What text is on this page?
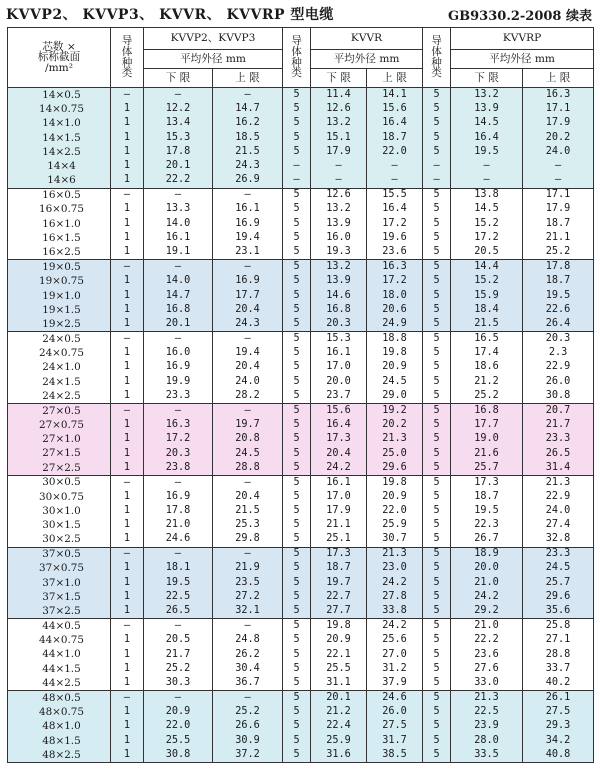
KVVP2、 KVVP3、 KVVR、 KVVRP 型电缆	GB9330.2-2008 续表
芯数 ×
标称截面
/mm²	导
体
种
类	KVVP2、KVVP3		导
体
种
类	KVVR		导
体
种
类	KVVRP	
		平均外径 mm			平均外径 mm			平均外径 mm	
		下 限	上 限		下 限	上 限		下 限	上 限
14×0.5	—	—	—	5	11.4	14.1	5	13.2	16.3
14×0.75	1	12.2	14.7	5	12.6	15.6	5	13.9	17.1
14×1.0	1	13.4	16.2	5	13.2	16.4	5	14.5	17.9
14×1.5	1	15.3	18.5	5	15.1	18.7	5	16.4	20.2
14×2.5	1	17.8	21.5	5	17.9	22.0	5	19.5	24.0
14×4	1	20.1	24.3	—	—	—	—	—	—
14×6	1	22.2	26.9	—	—	—	—	—	—
16×0.5	—	—	—	5	12.6	15.5	5	13.8	17.1
16×0.75	1	13.3	16.1	5	13.2	16.4	5	14.5	17.9
16×1.0	1	14.0	16.9	5	13.9	17.2	5	15.2	18.7
16×1.5	1	16.1	19.4	5	16.0	19.6	5	17.2	21.1
16×2.5	1	19.1	23.1	5	19.3	23.6	5	20.5	25.2
19×0.5	—	—	—	5	13.2	16.3	5	14.4	17.8
19×0.75	1	14.0	16.9	5	13.9	17.2	5	15.2	18.7
19×1.0	1	14.7	17.7	5	14.6	18.0	5	15.9	19.5
19×1.5	1	16.8	20.4	5	16.8	20.6	5	18.4	22.6
19×2.5	1	20.1	24.3	5	20.3	24.9	5	21.5	26.4
24×0.5	—	—	—	5	15.3	18.8	5	16.5	20.3
24×0.75	1	16.0	19.4	5	16.1	19.8	5	17.4	2.3
24×1.0	1	16.9	20.4	5	17.0	20.9	5	18.6	22.9
24×1.5	1	19.9	24.0	5	20.0	24.5	5	21.2	26.0
24×2.5	1	23.3	28.2	5	23.7	29.0	5	25.2	30.8
27×0.5	—	—	—	5	15.6	19.2	5	16.8	20.7
27×0.75	1	16.3	19.7	5	16.4	20.2	5	17.7	21.7
27×1.0	1	17.2	20.8	5	17.3	21.3	5	19.0	23.3
27×1.5	1	20.3	24.5	5	20.4	25.0	5	21.6	26.5
27×2.5	1	23.8	28.8	5	24.2	29.6	5	25.7	31.4
30×0.5	—	—	—	5	16.1	19.8	5	17.3	21.3
30×0.75	1	16.9	20.4	5	17.0	20.9	5	18.7	22.9
30×1.0	1	17.8	21.5	5	17.9	22.0	5	19.5	24.0
30×1.5	1	21.0	25.3	5	21.1	25.9	5	22.3	27.4
30×2.5	1	24.6	29.8	5	25.1	30.7	5	26.7	32.8
37×0.5	—	—	—	5	17.3	21.3	5	18.9	23.3
37×0.75	1	18.1	21.9	5	18.7	23.0	5	20.0	24.5
37×1.0	1	19.5	23.5	5	19.7	24.2	5	21.0	25.7
37×1.5	1	22.5	27.2	5	22.7	27.8	5	24.2	29.6
37×2.5	1	26.5	32.1	5	27.7	33.8	5	29.2	35.6
44×0.5	—	—	—	5	19.8	24.2	5	21.0	25.8
44×0.75	1	20.5	24.8	5	20.9	25.6	5	22.2	27.1
44×1.0	1	21.7	26.2	5	22.1	27.0	5	23.6	28.8
44×1.5	1	25.2	30.4	5	25.5	31.2	5	27.6	33.7
44×2.5	1	30.3	36.7	5	31.1	37.9	5	33.0	40.2
48×0.5	—	—	—	5	20.1	24.6	5	21.3	26.1
48×0.75	1	20.9	25.2	5	21.2	26.0	5	22.5	27.5
48×1.0	1	22.0	26.6	5	22.4	27.5	5	23.9	29.3
48×1.5	1	25.5	30.9	5	25.9	31.7	5	28.0	34.2
48×2.5	1	30.8	37.2	5	31.6	38.5	5	33.5	40.8
